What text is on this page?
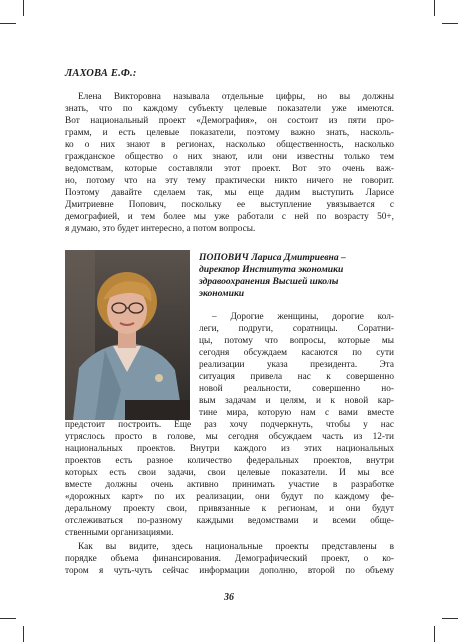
ЛАХОВА Е.Ф.:
Елена Викторовна называла отдельные цифры, но вы должны
знать, что по каждому субъекту целевые показатели уже имеются.
Вот национальный проект «Демография», он состоит из пяти про-
грамм, и есть целевые показатели, поэтому важно знать, насколь-
ко о них знают в регионах, насколько общественность, насколько
гражданское общество о них знают, или они известны только тем
ведомствам, которые составляли этот проект. Вот это очень важ-
но, потому что на эту тему практически никто ничего не говорит.
Поэтому давайте сделаем так, мы еще дадим выступить Ларисе
Дмитриевне Попович, поскольку ее выступление увязывается с
демографией, и тем более мы уже работали с ней по возрасту 50+,
я думаю, это будет интересно, а потом вопросы.
ПОПОВИЧ Лариса Дмитриевна –
директор Института экономики
здравоохранения Высшей школы
экономики
– Дорогие женщины, дорогие кол-
леги, подруги, соратницы. Соратни-
цы, потому что вопросы, которые мы
сегодня обсуждаем касаются по сути
реализации указа президента. Эта
ситуация привела нас к совершенно
новой реальности, совершенно но-
вым задачам и целям, и к новой кар-
тине мира, которую нам с вами вместе
предстоит построить. Еще раз хочу подчеркнуть, чтобы у нас
утряслось просто в голове, мы сегодня обсуждаем часть из 12-ти
национальных проектов. Внутри каждого из этих национальных
проектов есть разное количество федеральных проектов, внутри
которых есть свои задачи, свои целевые показатели. И мы все
вместе должны очень активно принимать участие в разработке
«дорожных карт» по их реализации, они будут по каждому фе-
деральному проекту свои, привязанные к регионам, и они будут
отслеживаться по-разному каждыми ведомствами и всеми обще-
ственными организациями.
Как вы видите, здесь национальные проекты представлены в
порядке объема финансирования. Демографический проект, о ко-
тором я чуть-чуть сейчас информации дополню, второй по объему
36
